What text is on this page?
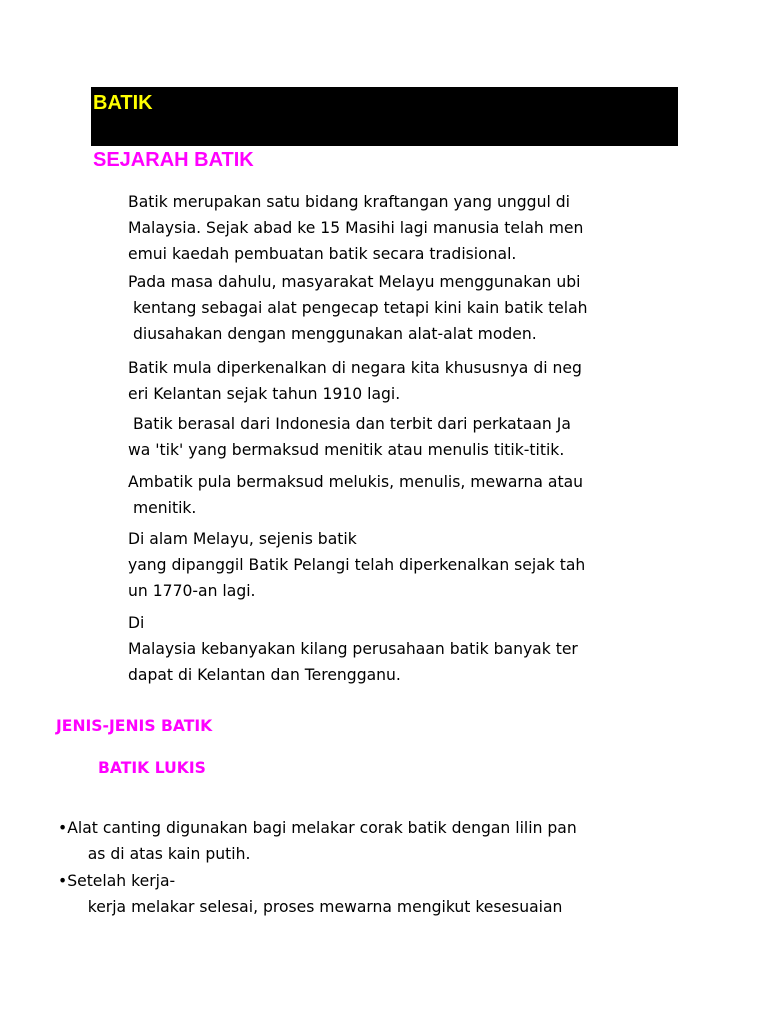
BATIK
SEJARAH BATIK
Batik merupakan satu bidang kraftangan yang unggul di
Malaysia. Sejak abad ke 15 Masihi lagi manusia telah men
emui kaedah pembuatan batik secara tradisional.
Pada masa dahulu, masyarakat Melayu menggunakan ubi
kentang sebagai alat pengecap tetapi kini kain batik telah
diusahakan dengan menggunakan alat-alat moden.
Batik mula diperkenalkan di negara kita khususnya di neg
eri Kelantan sejak tahun 1910 lagi.
Batik berasal dari Indonesia dan terbit dari perkataan Ja
wa 'tik' yang bermaksud menitik atau menulis titik-titik.
Ambatik pula bermaksud melukis, menulis, mewarna atau
menitik.
Di alam Melayu, sejenis batik
yang dipanggil Batik Pelangi telah diperkenalkan sejak tah
un 1770-an lagi.
Di
Malaysia kebanyakan kilang perusahaan batik banyak ter
dapat di Kelantan dan Terengganu.
JENIS-JENIS BATIK
BATIK LUKIS
•Alat canting digunakan bagi melakar corak batik dengan lilin pan
as di atas kain putih.
•Setelah kerja-
kerja melakar selesai, proses mewarna mengikut kesesuaian
